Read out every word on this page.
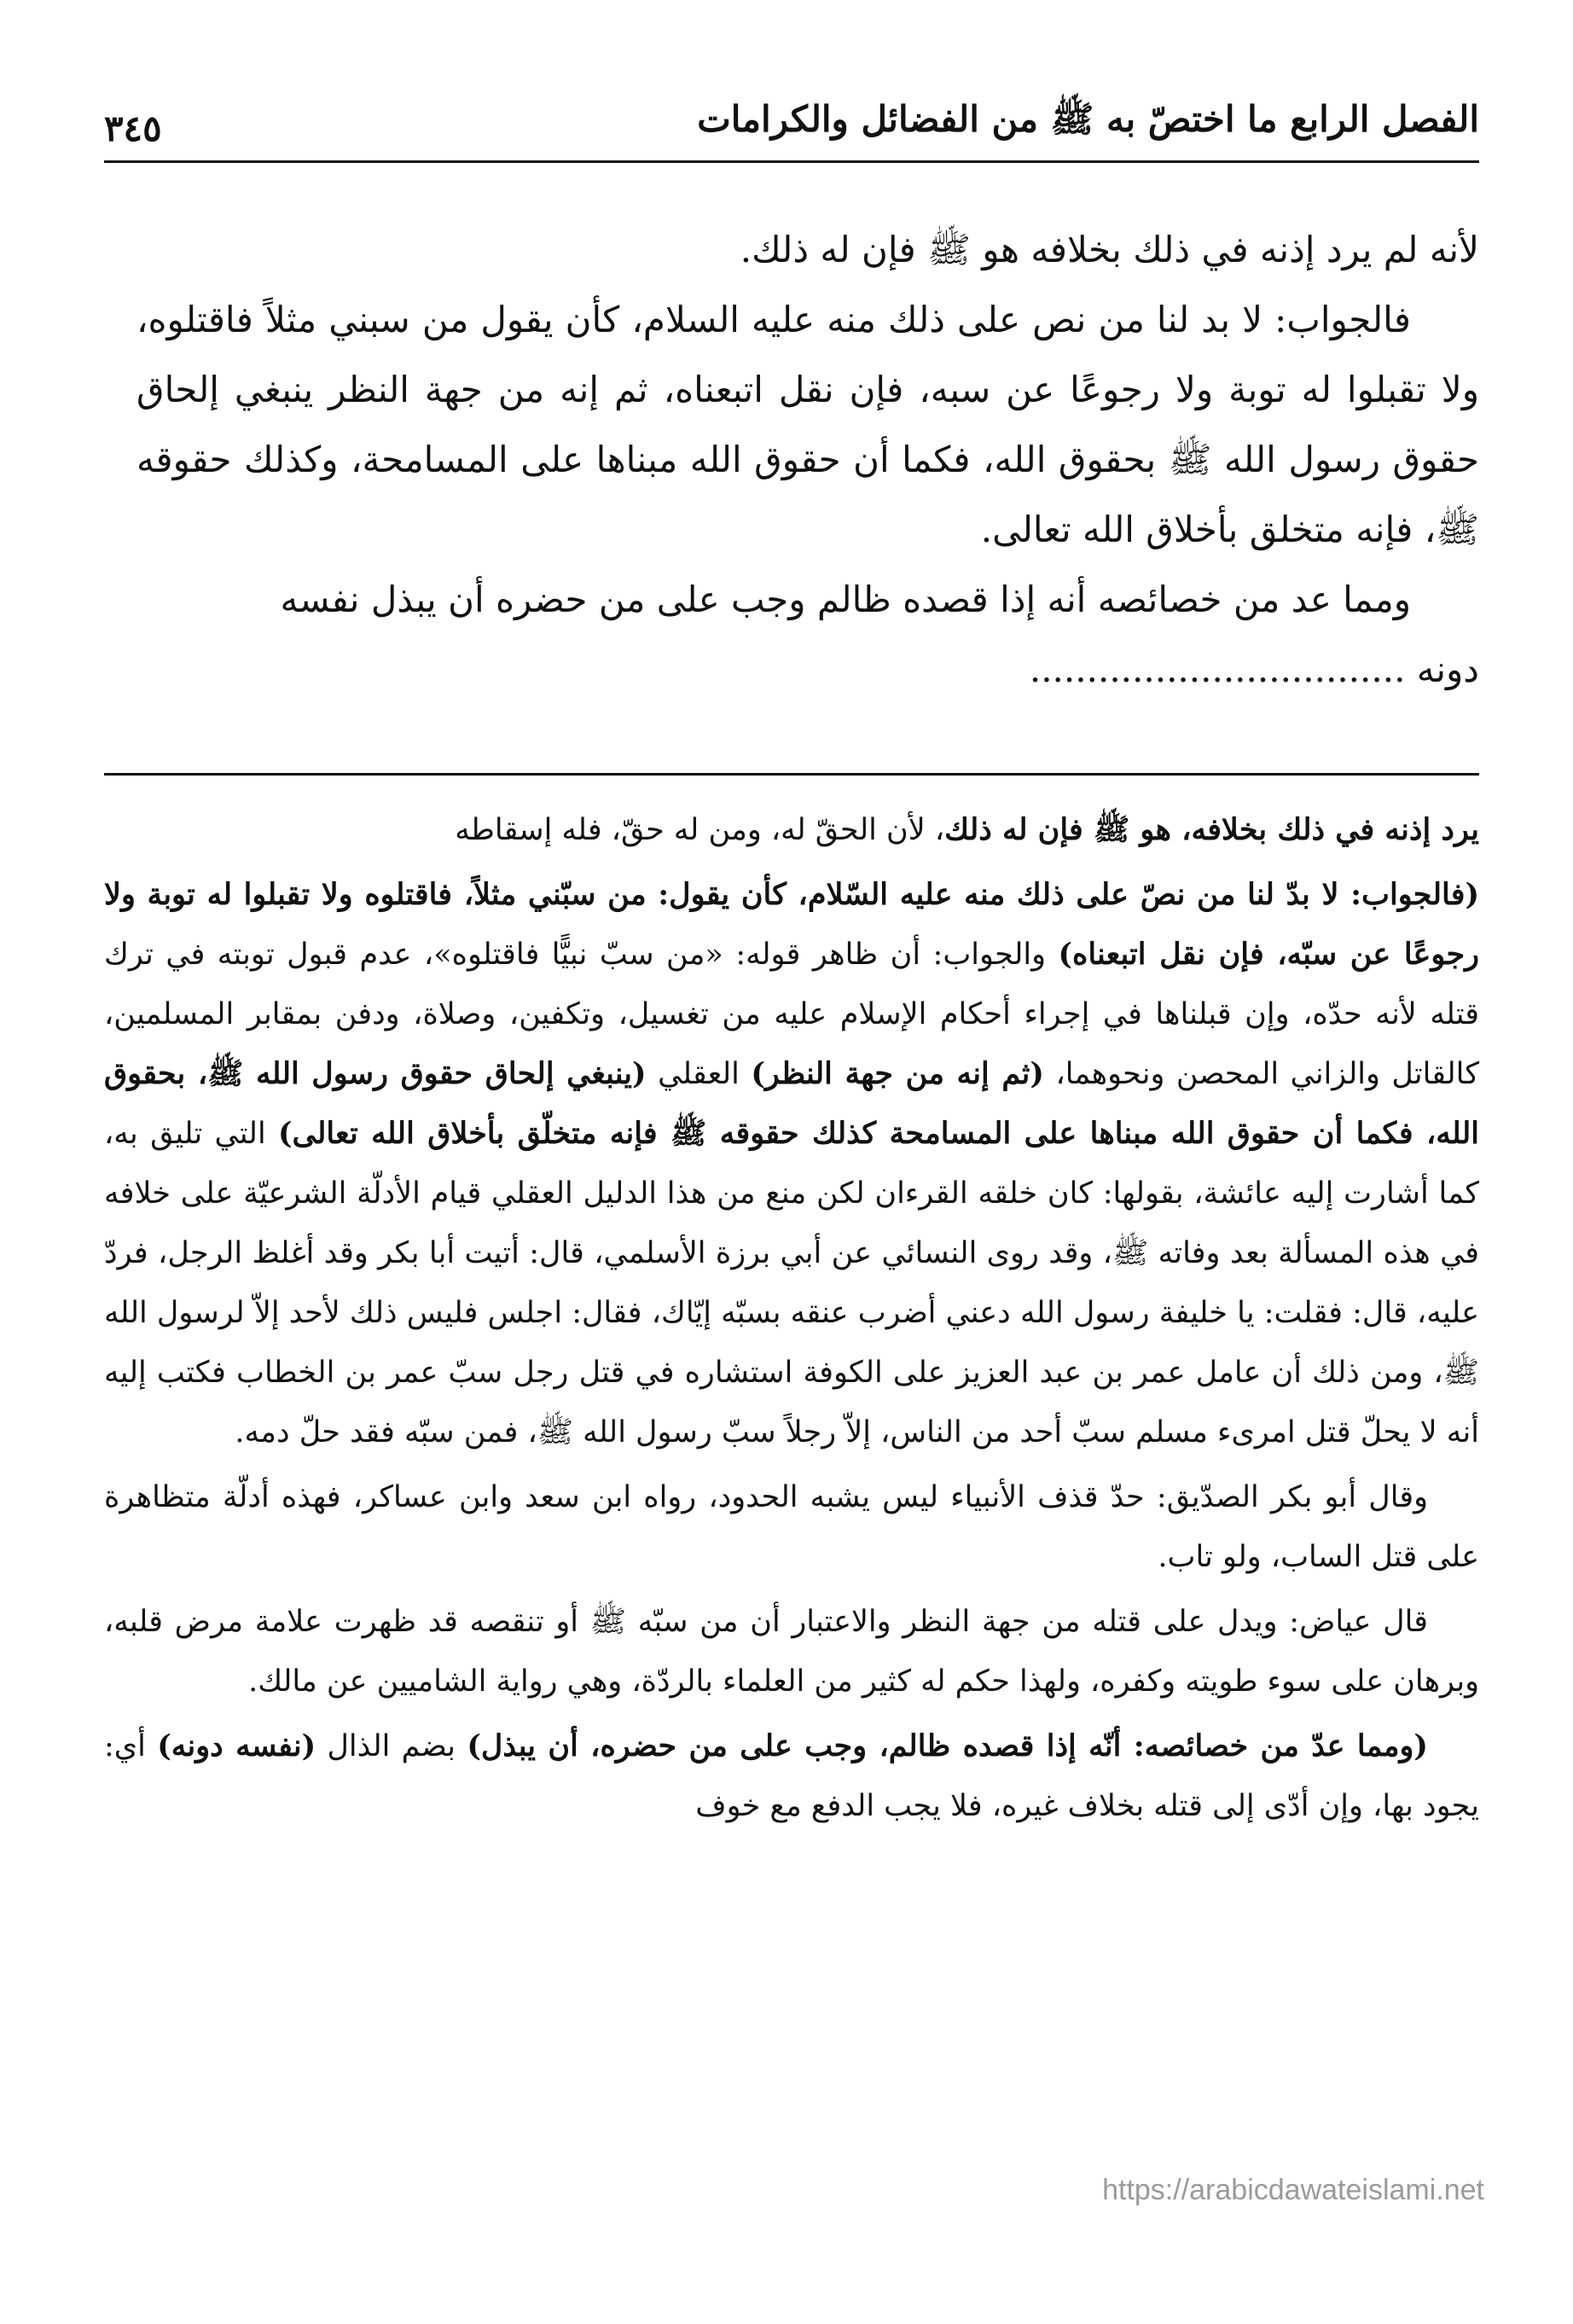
الفصل الرابع ما اختصّ به ﷺ من الفضائل والكرامات
٣٤٥

لأنه لم يرد إذنه في ذلك بخلافه هو ﷺ فإن له ذلك.

فالجواب: لا بد لنا من نص على ذلك منه عليه السلام، كأن يقول من سبني مثلاً فاقتلوه، ولا تقبلوا له توبة ولا رجوعًا عن سبه، فإن نقل اتبعناه، ثم إنه من جهة النظر ينبغي إلحاق حقوق رسول الله ﷺ بحقوق الله، فكما أن حقوق الله مبناها على المسامحة، وكذلك حقوقه ﷺ، فإنه متخلق بأخلاق الله تعالى.

ومما عد من خصائصه أنه إذا قصده ظالم وجب على من حضره أن يبذل نفسه

دونه .................................

يرد إذنه في ذلك بخلافه، هو ﷺ فإن له ذلك، لأن الحقّ له، ومن له حقّ، فله إسقاطه

(فالجواب: لا بدّ لنا من نصّ على ذلك منه عليه السّلام، كأن يقول: من سبّني مثلاً، فاقتلوه ولا تقبلوا له توبة ولا رجوعًا عن سبّه، فإن نقل اتبعناه) والجواب: أن ظاهر قوله: «من سبّ نبيًّا فاقتلوه»، عدم قبول توبته في ترك قتله لأنه حدّه، وإن قبلناها في إجراء أحكام الإسلام عليه من تغسيل، وتكفين، وصلاة، ودفن بمقابر المسلمين، كالقاتل والزاني المحصن ونحوهما، (ثم إنه من جهة النظر) العقلي (ينبغي إلحاق حقوق رسول الله ﷺ، بحقوق الله، فكما أن حقوق الله مبناها على المسامحة كذلك حقوقه ﷺ فإنه متخلّق بأخلاق الله تعالى) التي تليق به، كما أشارت إليه عائشة، بقولها: كان خلقه القرءان لكن منع من هذا الدليل العقلي قيام الأدلّة الشرعيّة على خلافه في هذه المسألة بعد وفاته ﷺ، وقد روى النسائي عن أبي برزة الأسلمي، قال: أتيت أبا بكر وقد أغلظ الرجل، فردّ عليه، قال: فقلت: يا خليفة رسول الله دعني أضرب عنقه بسبّه إيّاك، فقال: اجلس فليس ذلك لأحد إلاّ لرسول الله ﷺ، ومن ذلك أن عامل عمر بن عبد العزيز على الكوفة استشاره في قتل رجل سبّ عمر بن الخطاب فكتب إليه أنه لا يحلّ قتل امرىء مسلم سبّ أحد من الناس، إلاّ رجلاً سبّ رسول الله ﷺ، فمن سبّه فقد حلّ دمه.

وقال أبو بكر الصدّيق: حدّ قذف الأنبياء ليس يشبه الحدود، رواه ابن سعد وابن عساكر، فهذه أدلّة متظاهرة على قتل الساب، ولو تاب.

قال عياض: ويدل على قتله من جهة النظر والاعتبار أن من سبّه ﷺ أو تنقصه قد ظهرت علامة مرض قلبه، وبرهان على سوء طويته وكفره، ولهذا حكم له كثير من العلماء بالردّة، وهي رواية الشاميين عن مالك.

(ومما عدّ من خصائصه: أنّه إذا قصده ظالم، وجب على من حضره، أن يبذل) بضم الذال (نفسه دونه) أي: يجود بها، وإن أدّى إلى قتله بخلاف غيره، فلا يجب الدفع مع خوف

https://arabicdawateislami.net
